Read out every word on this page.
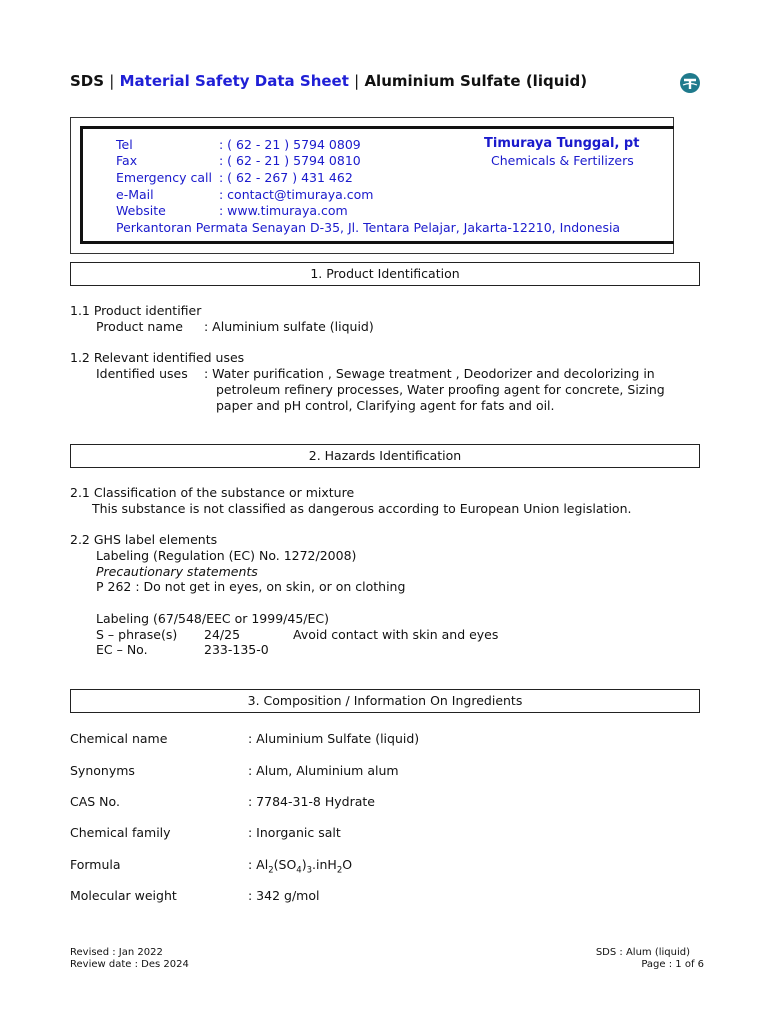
SDS | Material Safety Data Sheet | Aluminium Sulfate (liquid)
Tel	: ( 62 - 21 ) 5794 0809
Fax	: ( 62 - 21 ) 5794 0810
Emergency call : ( 62 - 267 ) 431 462
e-Mail	: contact@timuraya.com
Website	: www.timuraya.com
Perkantoran Permata Senayan D-35, Jl. Tentara Pelajar, Jakarta-12210, Indonesia
Timuraya Tunggal, pt
Chemicals & Fertilizers
1. Product Identification
1.1 Product identifier
Product name : Aluminium sulfate (liquid)
1.2 Relevant identified uses
Identified uses : Water purification , Sewage treatment , Deodorizer and decolorizing in
petroleum refinery processes, Water proofing agent for concrete, Sizing
paper and pH control, Clarifying agent for fats and oil.
2. Hazards Identification
2.1 Classification of the substance or mixture
This substance is not classified as dangerous according to European Union legislation.
2.2 GHS label elements
Labeling (Regulation (EC) No. 1272/2008)
Precautionary statements
P 262 : Do not get in eyes, on skin, or on clothing
Labeling (67/548/EEC or 1999/45/EC)
S – phrase(s) 24/25	Avoid contact with skin and eyes
EC – No.	233-135-0
3. Composition / Information On Ingredients
Chemical name	: Aluminium Sulfate (liquid)
Synonyms	: Alum, Aluminium alum
CAS No.	: 7784-31-8 Hydrate
Chemical family	: Inorganic salt
Formula	: $Al_2(SO_4)_3.inH_2O$
Molecular weight	: 342 g/mol
Revised : Jan 2022
Review date : Des 2024
SDS : Alum (liquid)
Page : 1 of 6
